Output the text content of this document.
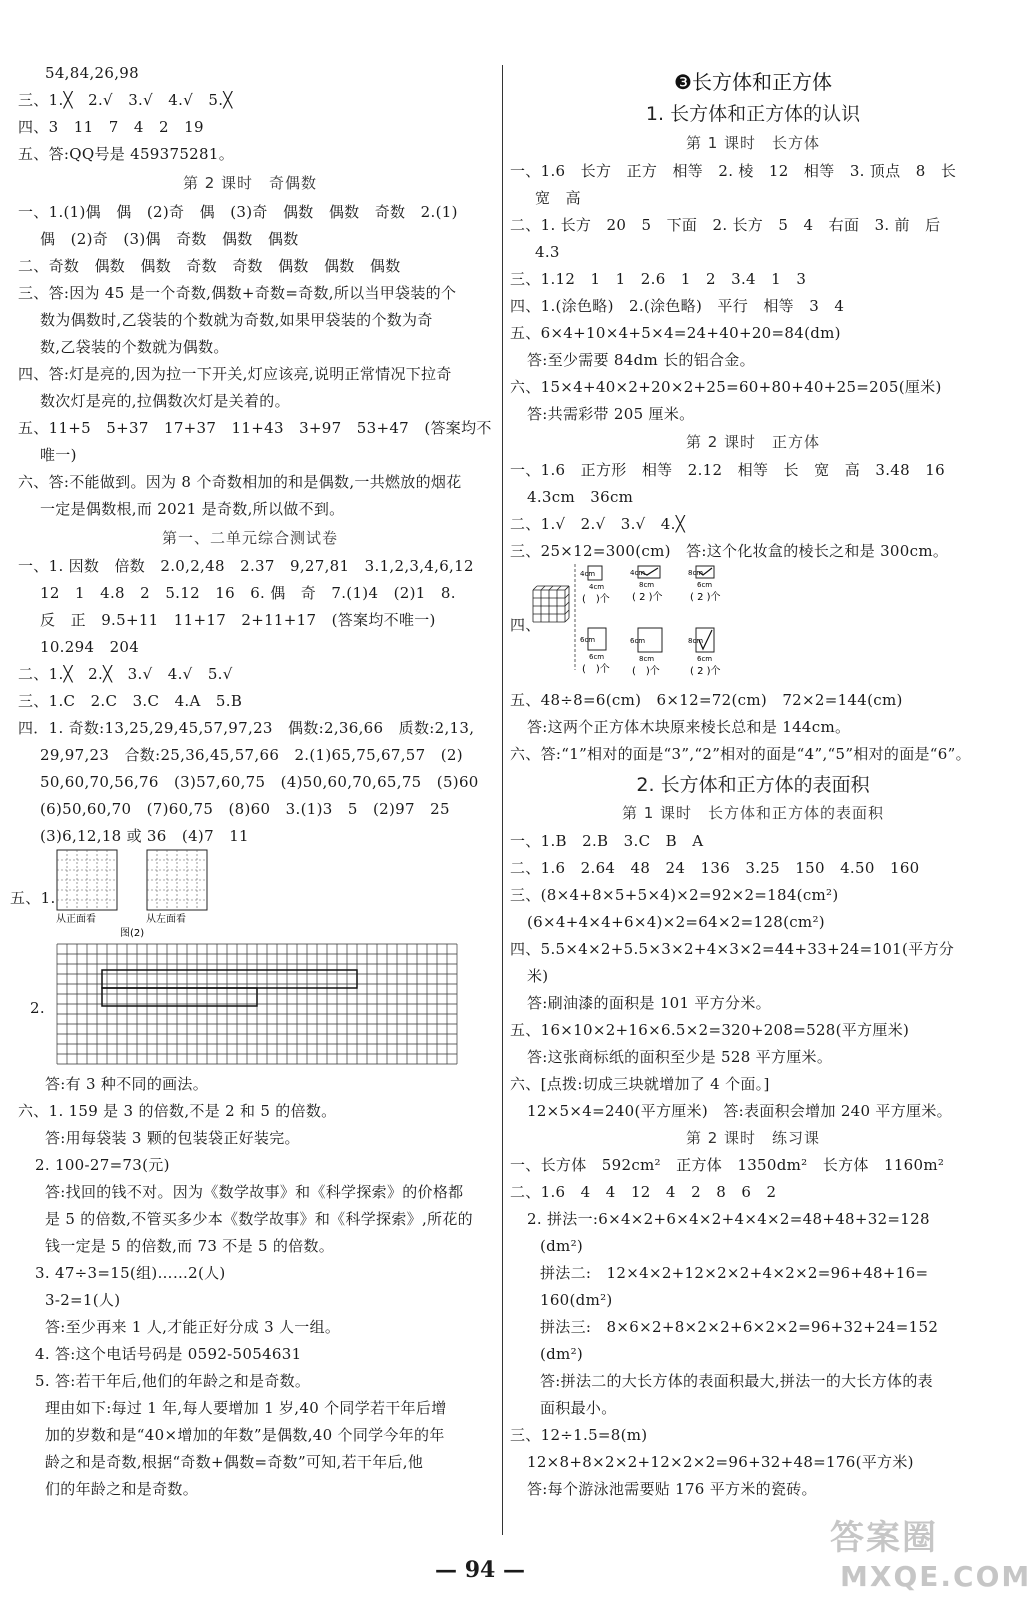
54,84,26,98
三、1.╳　2.√　3.√　4.√　5.╳
四、3　11　7　4　2　19
五、答:QQ号是 459375281。
第 2 课时　奇偶数
一、1.(1)偶　偶　(2)奇　偶　(3)奇　偶数　偶数　奇数　2.(1)
偶　(2)奇　(3)偶　奇数　偶数　偶数
二、奇数　偶数　偶数　奇数　奇数　偶数　偶数　偶数
三、答:因为 45 是一个奇数,偶数+奇数=奇数,所以当甲袋装的个
数为偶数时,乙袋装的个数就为奇数,如果甲袋装的个数为奇
数,乙袋装的个数就为偶数。
四、答:灯是亮的,因为拉一下开关,灯应该亮,说明正常情况下拉奇
数次灯是亮的,拉偶数次灯是关着的。
五、11+5　5+37　17+37　11+43　3+97　53+47　(答案均不
唯一)
六、答:不能做到。因为 8 个奇数相加的和是偶数,一共燃放的烟花
一定是偶数根,而 2021 是奇数,所以做不到。
第一、二单元综合测试卷
一、1. 因数　倍数　2.0,2,48　2.37　9,27,81　3.1,2,3,4,6,12
12　1　4.8　2　5.12　16　6. 偶　奇　7.(1)4　(2)1　8.
反　正　9.5+11　11+17　2+11+17　(答案均不唯一)
10.294　204
二、1.╳　2.╳　3.√　4.√　5.√
三、1.C　2.C　3.C　4.A　5.B
四．1. 奇数:13,25,29,45,57,97,23　偶数:2,36,66　质数:2,13,
29,97,23　合数:25,36,45,57,66　2.(1)65,75,67,57　(2)
50,60,70,56,76　(3)57,60,75　(4)50,60,70,65,75　(5)60
(6)50,60,70　(7)60,75　(8)60　3.(1)3　5　(2)97　25
(3)6,12,18 或 36　(4)7　11
五、1.
2.
答:有 3 种不同的画法。
六、1. 159 是 3 的倍数,不是 2 和 5 的倍数。
答:用每袋装 3 颗的包装袋正好装完。
2. 100-27=73(元)
答:找回的钱不对。因为《数学故事》和《科学探索》的价格都
是 5 的倍数,不管买多少本《数学故事》和《科学探索》,所花的
钱一定是 5 的倍数,而 73 不是 5 的倍数。
3. 47÷3=15(组)……2(人)
3-2=1(人)
答:至少再来 1 人,才能正好分成 3 人一组。
4. 答:这个电话号码是 0592-5054631
5. 答:若干年后,他们的年龄之和是奇数。
理由如下:每过 1 年,每人要增加 1 岁,40 个同学若干年后增
加的岁数和是“40×增加的年数”是偶数,40 个同学今年的年
龄之和是奇数,根据“奇数+偶数=奇数”可知,若干年后,他
们的年龄之和是奇数。
❸长方体和正方体
1. 长方体和正方体的认识
第 1 课时　长方体
一、1.6　长方　正方　相等　2. 棱　12　相等　3. 顶点　8　长
宽　高
二、1. 长方　20　5　下面　2. 长方　5　4　右面　3. 前　后
4.3
三、1.12　1　1　2.6　1　2　3.4　1　3
四、1.(涂色略)　2.(涂色略)　平行　相等　3　4
五、6×4+10×4+5×4=24+40+20=84(dm)
答:至少需要 84dm 长的铝合金。
六、15×4+40×2+20×2+25=60+80+40+25=205(厘米)
答:共需彩带 205 厘米。
第 2 课时　正方体
一、1.6　正方形　相等　2.12　相等　长　宽　高　3.48　16
4.3cm　36cm
二、1.√　2.√　3.√　4.╳
三、25×12=300(cm)　答:这个化妆盒的棱长之和是 300cm。
四、
五、48÷8=6(cm)　6×12=72(cm)　72×2=144(cm)
答:这两个正方体木块原来棱长总和是 144cm。
六、答:“1”相对的面是“3”,“2”相对的面是“4”,“5”相对的面是“6”。
2. 长方体和正方体的表面积
第 1 课时　长方体和正方体的表面积
一、1.B　2.B　3.C　B　A
二、1.6　2.64　48　24　136　3.25　150　4.50　160
三、(8×4+8×5+5×4)×2=92×2=184(cm²)
(6×4+4×4+6×4)×2=64×2=128(cm²)
四、5.5×4×2+5.5×3×2+4×3×2=44+33+24=101(平方分
米)
答:刷油漆的面积是 101 平方分米。
五、16×10×2+16×6.5×2=320+208=528(平方厘米)
答:这张商标纸的面积至少是 528 平方厘米。
六、[点拨:切成三块就增加了 4 个面。]
12×5×4=240(平方厘米)　答:表面积会增加 240 平方厘米。
第 2 课时　练习课
一、长方体　592cm²　正方体　1350dm²　长方体　1160m²
二、1.6　4　4　12　4　2　8　6　2
2. 拼法一:6×4×2+6×4×2+4×4×2=48+48+32=128
(dm²)
拼法二:　12×4×2+12×2×2+4×2×2=96+48+16=
160(dm²)
拼法三:　8×6×2+8×2×2+6×2×2=96+32+24=152
(dm²)
答:拼法二的大长方体的表面积最大,拼法一的大长方体的表
面积最小。
三、12÷1.5=8(m)
12×8+8×2×2+12×2×2=96+32+48=176(平方米)
答:每个游泳池需要贴 176 平方米的瓷砖。
从正面看	从左面看
图(2)
4cm
4cm
(　)个
4cm
8cm
( 2 )个
8cm
6cm
( 2 )个
6cm
6cm
(　)个
6cm
8cm
(　)个
8cm
6cm
( 2 )个
— 94 —
答案圈
MXQE.COM
